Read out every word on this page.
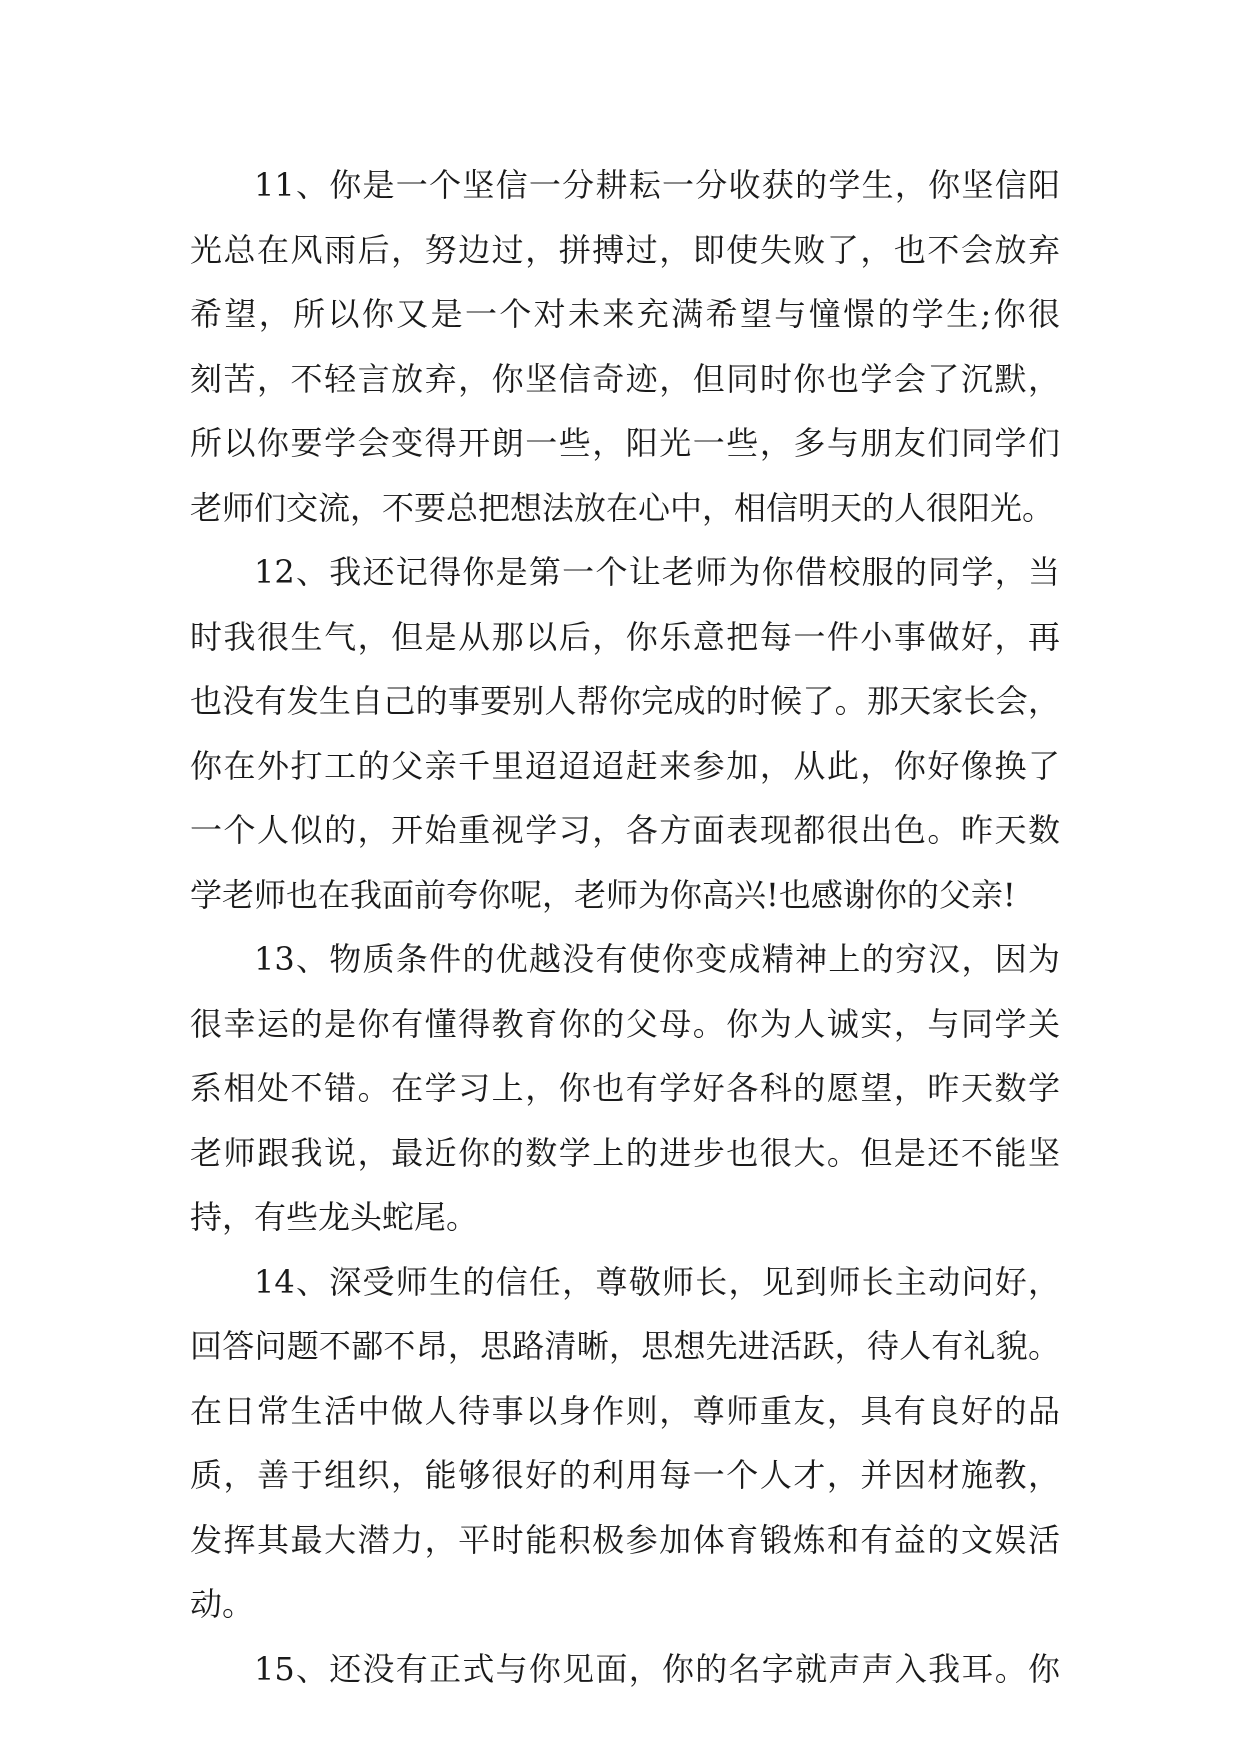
11、你是一个坚信一分耕耘一分收获的学生，你坚信阳
光总在风雨后，努边过，拼搏过，即使失败了，也不会放弃
希望，所以你又是一个对未来充满希望与憧憬的学生;你很
刻苦，不轻言放弃，你坚信奇迹，但同时你也学会了沉默，
所以你要学会变得开朗一些，阳光一些，多与朋友们同学们
老师们交流，不要总把想法放在心中，相信明天的人很阳光。
12、我还记得你是第一个让老师为你借校服的同学，当
时我很生气，但是从那以后，你乐意把每一件小事做好，再
也没有发生自己的事要别人帮你完成的时候了。那天家长会，
你在外打工的父亲千里迢迢迢赶来参加，从此，你好像换了
一个人似的，开始重视学习，各方面表现都很出色。昨天数
学老师也在我面前夸你呢，老师为你高兴!也感谢你的父亲!
13、物质条件的优越没有使你变成精神上的穷汉，因为
很幸运的是你有懂得教育你的父母。你为人诚实，与同学关
系相处不错。在学习上，你也有学好各科的愿望，昨天数学
老师跟我说，最近你的数学上的进步也很大。但是还不能坚
持，有些龙头蛇尾。
14、深受师生的信任，尊敬师长，见到师长主动问好，
回答问题不鄙不昂，思路清晰，思想先进活跃，待人有礼貌。
在日常生活中做人待事以身作则，尊师重友，具有良好的品
质，善于组织，能够很好的利用每一个人才，并因材施教，
发挥其最大潜力，平时能积极参加体育锻炼和有益的文娱活
动。
15、还没有正式与你见面，你的名字就声声入我耳。你
